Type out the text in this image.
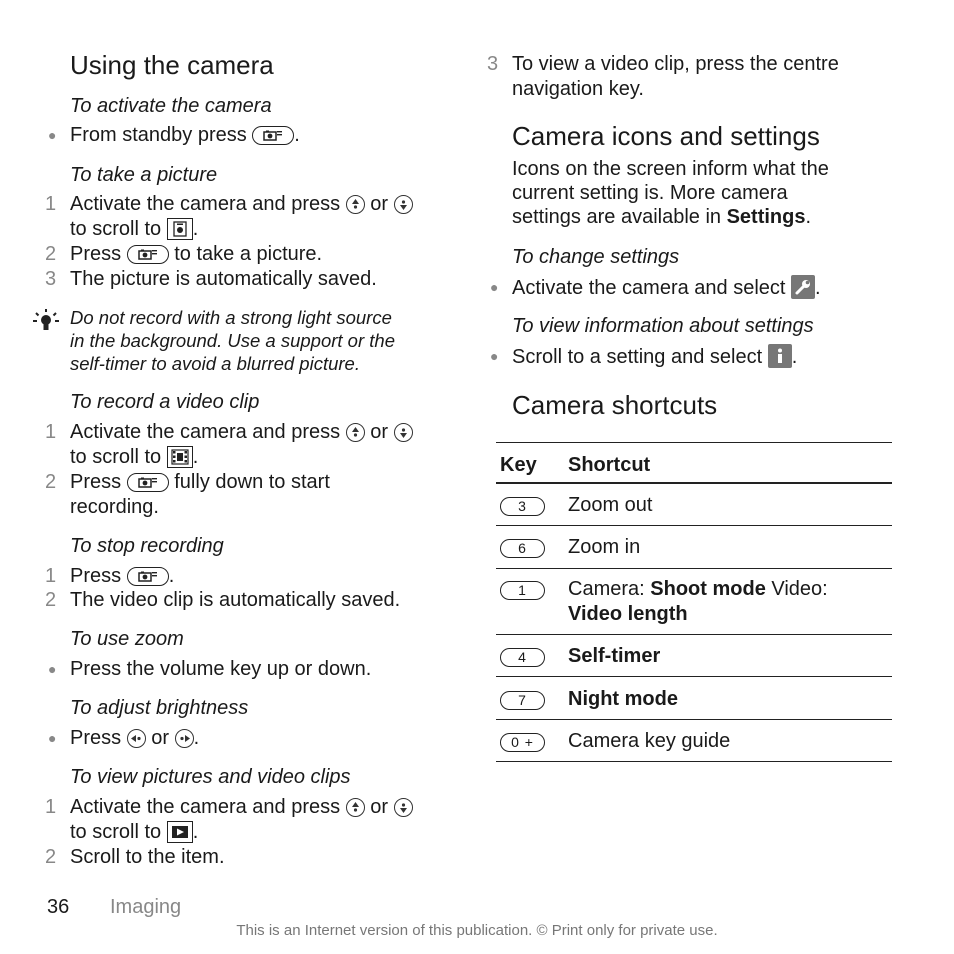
Using the camera
To activate the camera
● From standby press .
To take a picture
1 Activate the camera and press or
to scroll to .
2 Press	to take a picture.
3 The picture is automatically saved.
Do not record with a strong light source
in the background. Use a support or the
self-timer to avoid a blurred picture.
To record a video clip
1 Activate the camera and press or
to scroll to .
2 Press	fully down to start
recording.
To stop recording
1 Press .
2 The video clip is automatically saved.
To use zoom
● Press the volume key up or down.
To adjust brightness
● Press or .
To view pictures and video clips
1 Activate the camera and press or
to scroll to .
2 Scroll to the item.
3 To view a video clip, press the centre
navigation key.
Camera icons and settings
Icons on the screen inform what the
current setting is. More camera
settings are available in Settings.
To change settings
● Activate the camera and select .
To view information about settings
● Scroll to a setting and select .
Camera shortcuts
Key Shortcut
3	Zoom out
6	Zoom in
1	Camera: Shoot mode Video:
Video length
4	Self-timer
7	Night mode
0 +	Camera key guide
36 Imaging
This is an Internet version of this publication. © Print only for private use.
